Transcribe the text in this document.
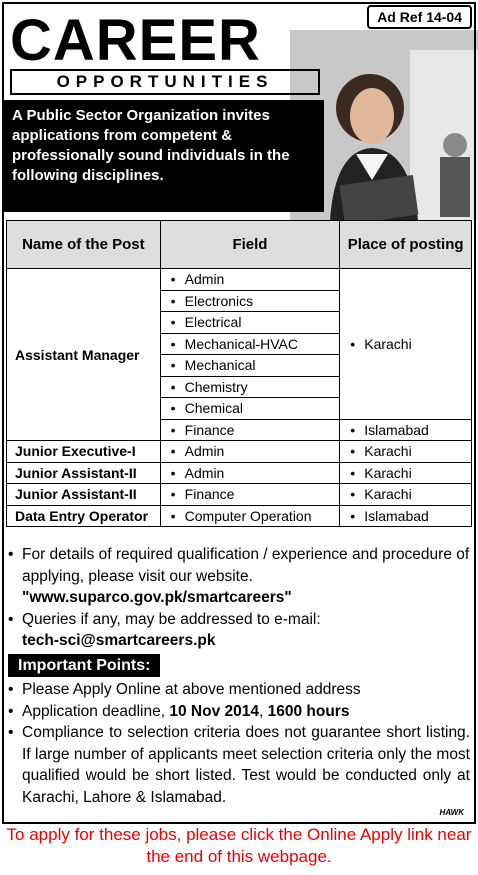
Ad Ref 14-04
CAREER
OPPORTUNITIES
A Public Sector Organization invites applications from competent & professionally sound individuals in the following disciplines.
Name of the Post	Field	Place of posting
Assistant Manager	• Admin	• Karachi
	• Electronics
	• Electrical
	• Mechanical-HVAC
	• Mechanical
	• Chemistry
	• Chemical
	• Finance	• Islamabad
Junior Executive-I	• Admin	• Karachi
Junior Assistant-II	• Admin	• Karachi
Junior Assistant-II	• Finance	• Karachi
Data Entry Operator	• Computer Operation	• Islamabad
• For details of required qualification / experience and procedure of applying, please visit our website.
"www.suparco.gov.pk/smartcareers"
• Queries if any, may be addressed to e-mail:
tech-sci@smartcareers.pk
Important Points:
• Please Apply Online at above mentioned address
• Application deadline, 10 Nov 2014, 1600 hours
• Compliance to selection criteria does not guarantee short listing. If large number of applicants meet selection criteria only the most qualified would be short listed. Test would be conducted only at Karachi, Lahore & Islamabad.
HAWK
To apply for these jobs, please click the Online Apply link near the end of this webpage.
